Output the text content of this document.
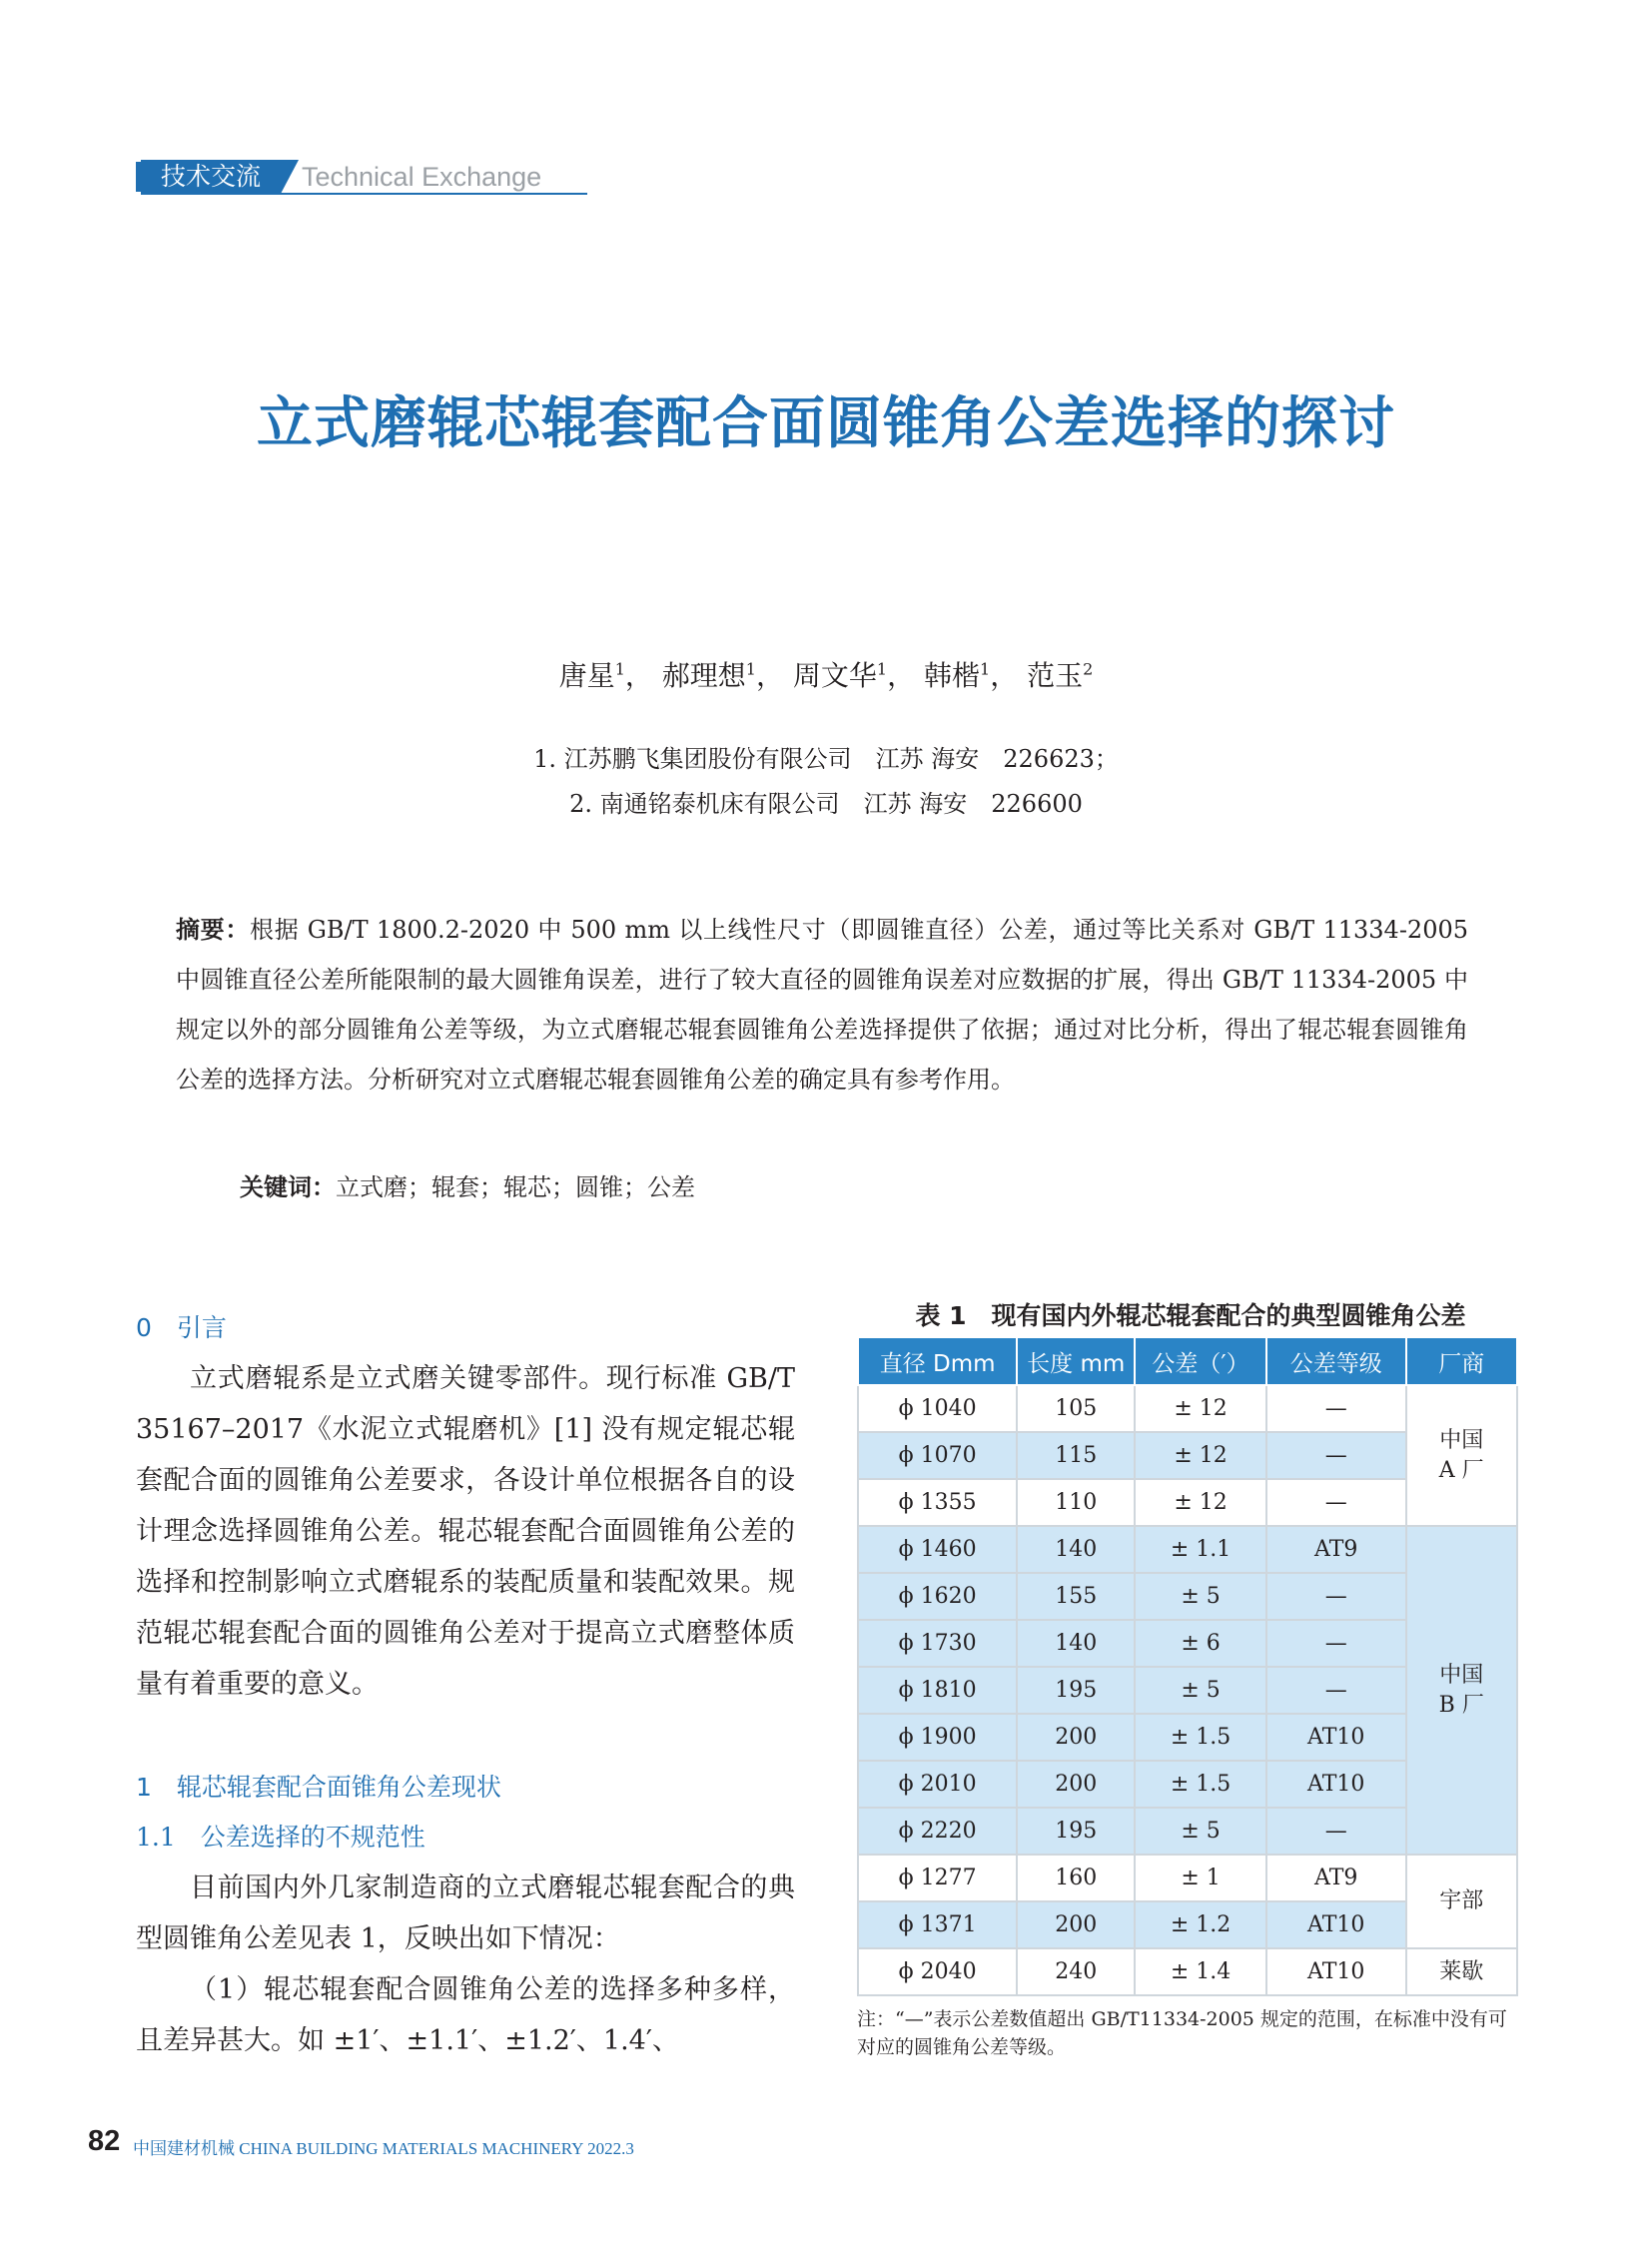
技术交流	Technical Exchange
立式磨辊芯辊套配合面圆锥角公差选择的探讨
唐星$^1$， 郝理想$^1$， 周文华$^1$， 韩楷$^1$， 范玉$^2$
1. 江苏鹏飞集团股份有限公司　江苏 海安　226623；
2. 南通铭泰机床有限公司　江苏 海安　226600
摘要：根据 GB/T 1800.2-2020 中 500 mm 以上线性尺寸（即圆锥直径）公差，通过等比关系对 GB/T 11334-2005 中圆锥直径公差所能限制的最大圆锥角误差，进行了较大直径的圆锥角误差对应数据的扩展，得出 GB/T 11334-2005 中规定以外的部分圆锥角公差等级，为立式磨辊芯辊套圆锥角公差选择提供了依据；通过对比分析，得出了辊芯辊套圆锥角公差的选择方法。分析研究对立式磨辊芯辊套圆锥角公差的确定具有参考作用。
关键词：立式磨；辊套；辊芯；圆锥；公差
0　引言

立式磨辊系是立式磨关键零部件。现行标准 GB/T 35167–2017《水泥立式辊磨机》[1] 没有规定辊芯辊套配合面的圆锥角公差要求，各设计单位根据各自的设计理念选择圆锥角公差。辊芯辊套配合面圆锥角公差的选择和控制影响立式磨辊系的装配质量和装配效果。规范辊芯辊套配合面的圆锥角公差对于提高立式磨整体质量有着重要的意义。

1　辊芯辊套配合面锥角公差现状
1.1　公差选择的不规范性

目前国内外几家制造商的立式磨辊芯辊套配合的典型圆锥角公差见表 1，反映出如下情况：

（1）辊芯辊套配合圆锥角公差的选择多种多样，且差异甚大。如 ±1′、±1.1′、±1.2′、1.4′、

表 1　现有国内外辊芯辊套配合的典型圆锥角公差
直径 Dmm	长度 mm	公差（′）	公差等级	厂商
ϕ 1040	105	± 12	—	中国
A 厂
ϕ 1070	115	± 12	—	
ϕ 1355	110	± 12	—	
ϕ 1460	140	± 1.1	AT9	中国
B 厂
ϕ 1620	155	± 5	—	
ϕ 1730	140	± 6	—	
ϕ 1810	195	± 5	—	
ϕ 1900	200	± 1.5	AT10	
ϕ 2010	200	± 1.5	AT10	
ϕ 2220	195	± 5	—	
ϕ 1277	160	± 1	AT9	宇部
ϕ 1371	200	± 1.2	AT10	
ϕ 2040	240	± 1.4	AT10	莱歇
注：“—”表示公差数值超出 GB/T11334-2005 规定的范围，在标准中没有可对应的圆锥角公差等级。
82 中国建材机械 CHINA BUILDING MATERIALS MACHINERY 2022.3
